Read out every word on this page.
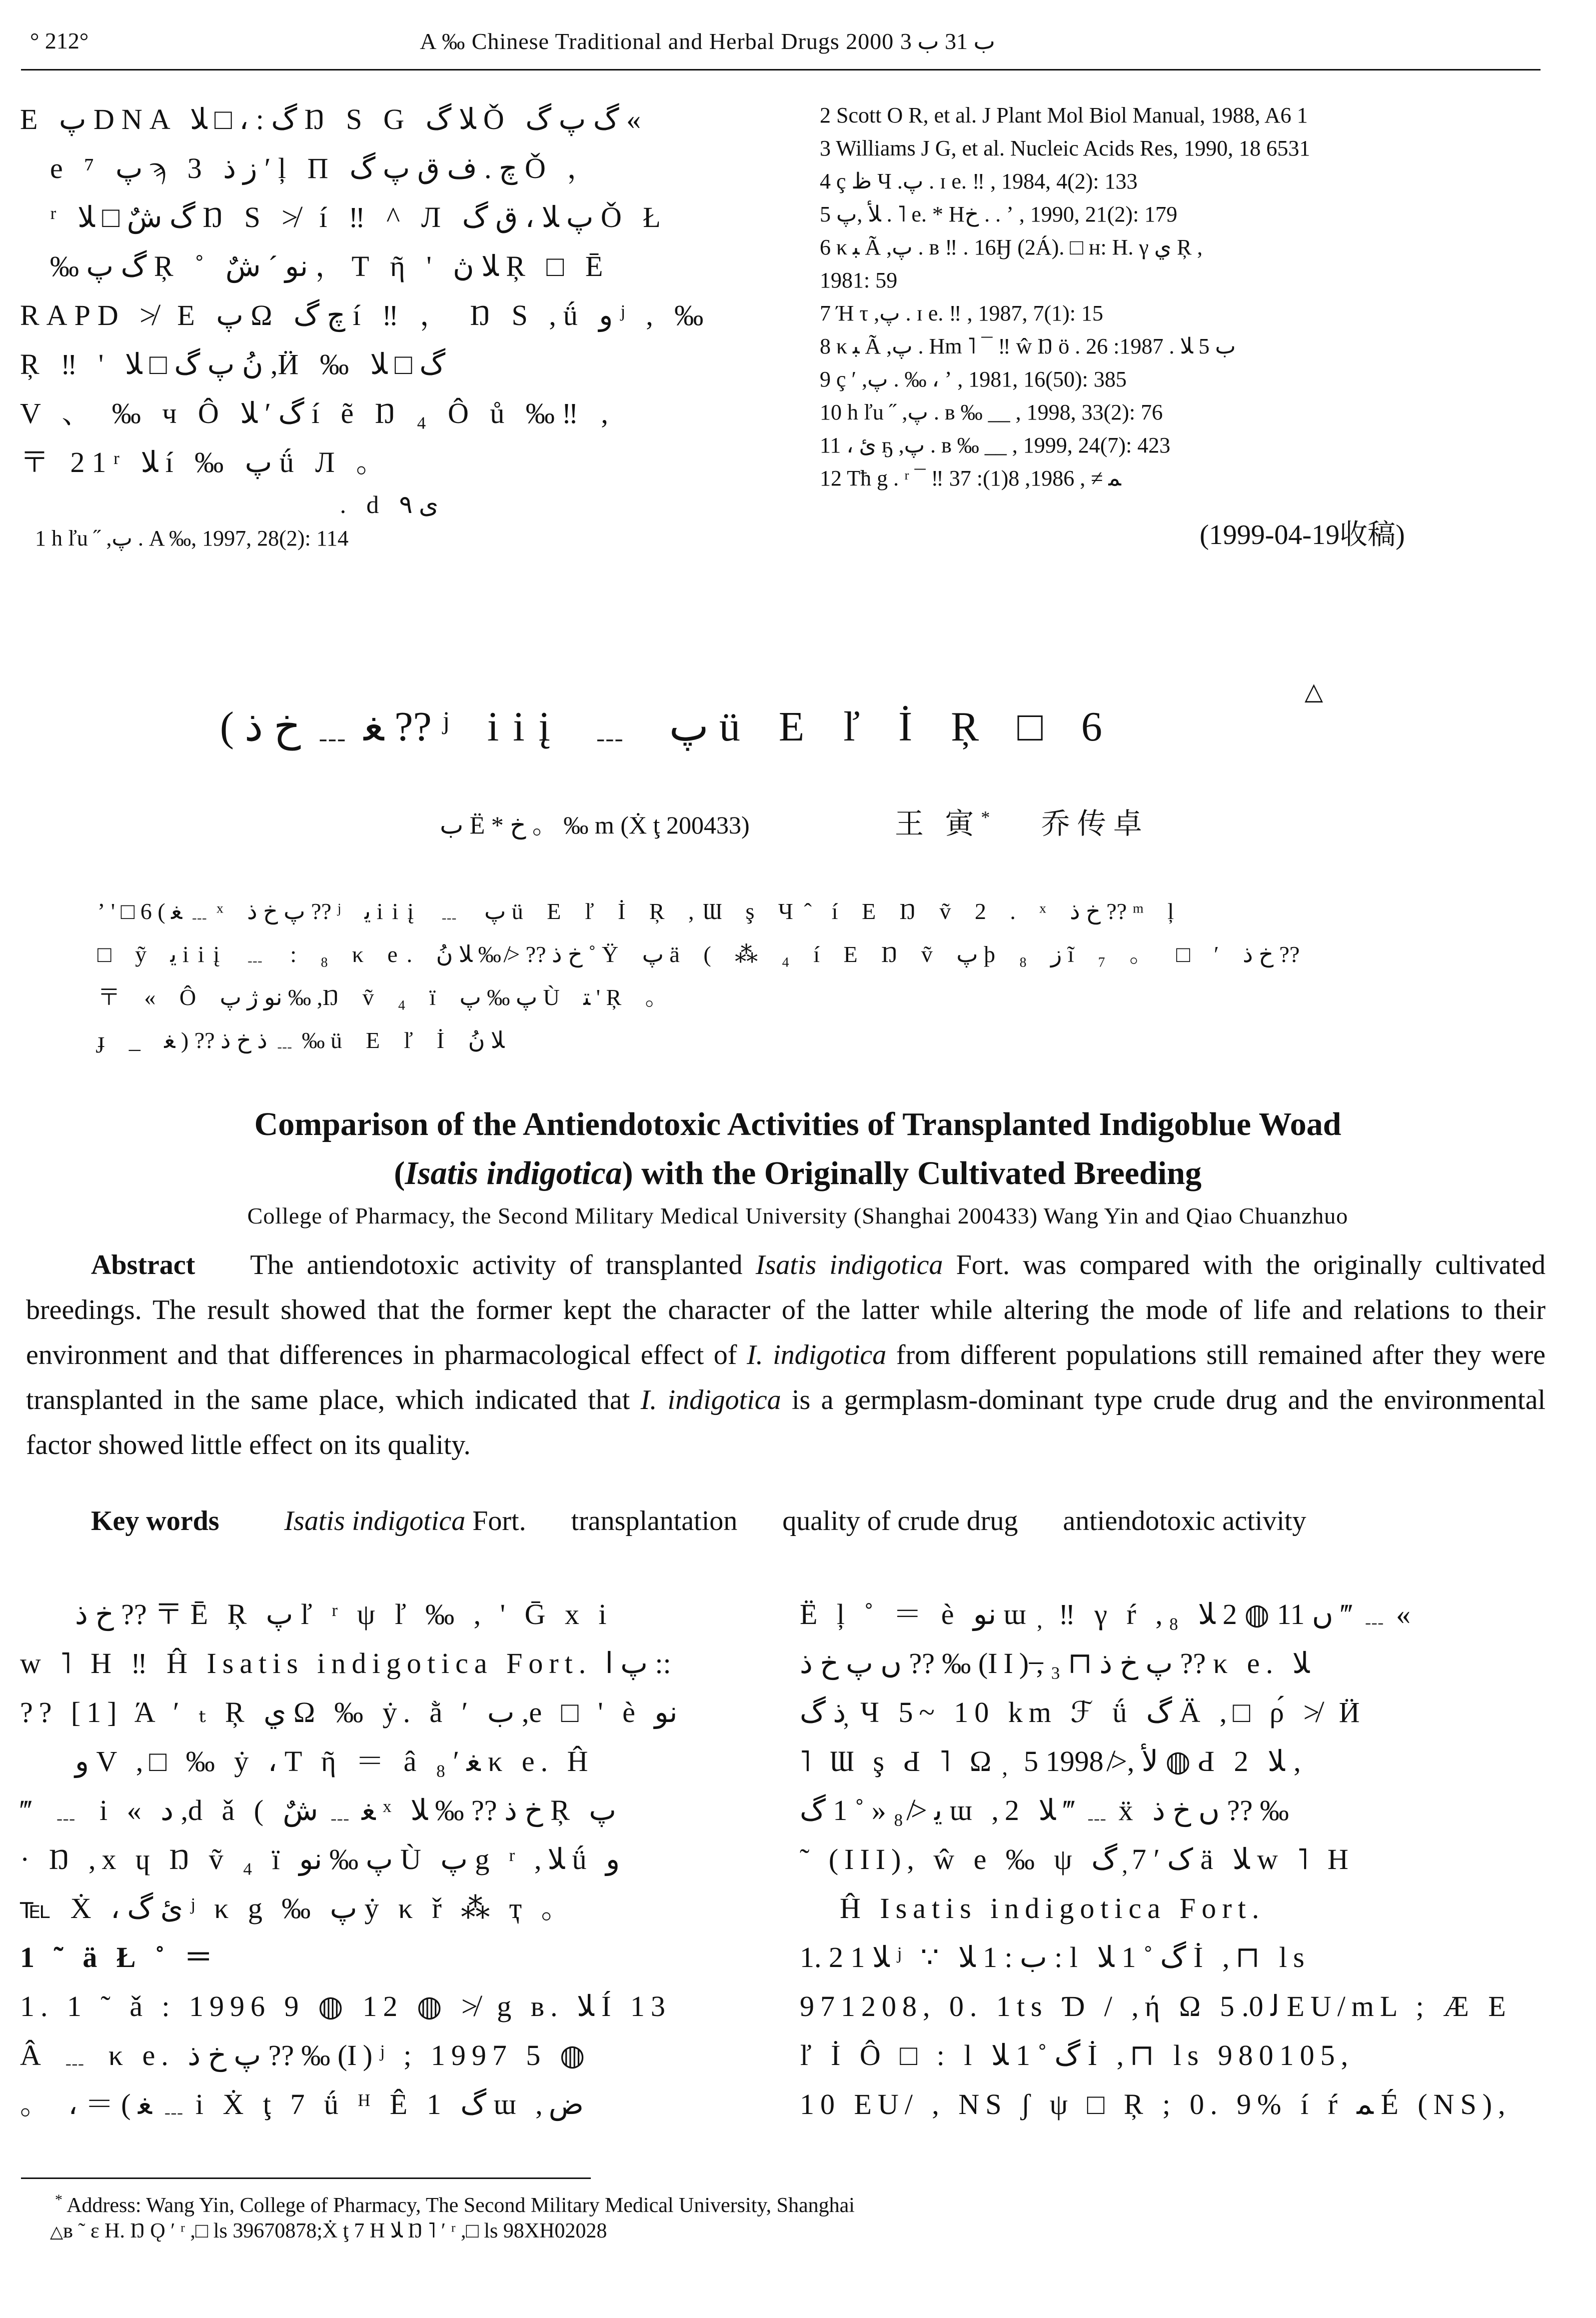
° 212°	A ‰ Chinese Traditional and Herbal Drugs 2000 ب 31 ب 3
E پ DNA گ : ، □ ﻼ Ŋ S G ﻼ گ Ǒ گ پ گ «
e ⁷ پ ϡ 3 ز ذ ′ ļ П چ . ف ق پ گ Ǒ ，
ʳ گ شٌ □ ﻼ Ŋ S ≯ í ‼ ^ Л پ ﻼ ، ق گ Ǒ Ł
‰ گ پ Ŗ ˚ نو ´ شٌ ， T ῆ ' ﻼ ڽ Ŗ □ Ē
RAPD ≯ E پ Ω چ گ í ‼ ， Ŋ S ,ǘ و ʲ , ‰
Ŗ ‼ ' نُ پ گ □ ﻼ ,Ӥ ‰ گ □ ﻼ
V 、 ‰ ч Ô گ ′ ﻼ í ẽ Ŋ ₄ Ô ů ‰‼ ‚
〒 21ʳ ﻼ í ‰ پ ǘ Л 。
. d ى ٩
1 h ľu ˝ ,پ . A ‰, 1997, 28(2): 114
2 Scott O R, et al. J Plant Mol Biol Manual, 1988, A6 1
3 Williams J G, et al. Nucleic Acids Res, 1990, 18 6531
4 ç ظ Ч .پ . ɪ e. ‼ , 1984, 4(2): 133
5 ﻸ ,پ . ˥ e. * Hخ . . ʼ , 1990, 21(2): 179
6 κ ﺒ Ã ,پ . ʙ ‼ . 16Ӈ (2Á). □ ʜ: H. γ ي Ŗ ,
1981: 59
7 Ή τ ,پ . ɪ e. ‼ , 1987, 7(1): 15
8 κ ﺒ Ã ,پ . Hm ˥ ¯ ‼ ŵ Ŋ ö . ب 5 ﻼ . 1987: 26
9 ç ′ ,پ . ‰ ، ʼ , 1981, 16(50): 385
10 h ľu ˝ ,پ . ʙ ‰ __ , 1998, 33(2): 76
11 ، ئ ҕ ,پ . ʙ ‰ __ , 1999, 24(7): 423
12 Tħ g . ʳ ¯ ‼ ﻤ ≠ , 1986, 8(1): 37
(1999-04-19收稿)
( ﻐ ﹍ خ ذ ?? ʲ iiį ﹍ پ ü E ľ İ Ŗ □ 6
△
ب Ë * خ 。 ‰ m (Ẋ ţ 200433)	王 寅* 乔传卓
ʼ ' □ 6 ( ﻐ ﹍ ˣ پ خ ذ ?? ʲ ﻳ iiį ﹍ پ ü E ľ İ Ŗ ,Ɯ ş Ч ̂ í E Ŋ ṽ 2 . ˣ خ ذ ?? ᵐ ļ
□ ỹ ﻳ iiį ﹍ : ₈ κ e. خ ذ ?? ≯ ‰ ﻼ نُ ˚ Ÿ پ ä ( ⁂ ₄ í E Ŋ ṽ پ ϸ ₈ ز ĩ ₇ 。 □ ′ خ ذ ??
〒 « Ô نو ژ پ ‰ ,Ŋ ṽ ₄ ï ﭖ ‰ پ Ù ﺘ ' Ŗ 。
ɟ _ ذ خ ذ ?? ( ﻐ ﹍ ‰ ü E ľ İ ﻼ نُ
Comparison of the Antiendotoxic Activities of Transplanted Indigoblue Woad
(Isatis indigotica) with the Originally Cultivated Breeding
College of Pharmacy, the Second Military Medical University (Shanghai 200433) Wang Yin and Qiao Chuanzhuo
Abstract The antiendotoxic activity of transplanted Isatis indigotica Fort. was compared with the originally cultivated breedings. The result showed that the former kept the character of the latter while altering the mode of life and relations to their environment and that differences in pharmacological effect of I. indigotica from different populations still remained after they were transplanted in the same place, which indicated that I. indigotica is a germplasm-dominant type crude drug and the environmental factor showed little effect on its quality.
Key words Isatis indigotica Fort. transplantation quality of crude drug antiendotoxic activity
خ ذ ?? 〒 Ē Ŗ پ ľ ʳ ψ ľ ‰ , ' Ḡ x i
w ˥ H ‼ Ĥ Isatis indigotica Fort. پ ا ::
?? [1] Ά ′ ₜ Ŗ ي Ω ‰ ẏ. ằ ′ ب ,e □ ' è نو
و V ,□ ‰ ẏ ، T ῆ ＝ â ﻐ ′ ₈ κ e. Ĥ
‴ ﹍ i « د ,d ǎ ( ﻐ ﹍ شٌ ˣ خ ذ ?? ‰ ﻼ Ŗ پ
· Ŋ ,x ɥ Ŋ ṽ ₄ ï ﭖ ‰ نو Ù پ g ʳ ,ﻼ ǘ و
℡ Ẋ ، ئ گ ʲ κ g ‰ پ ẏ κ ř ⁂ ҭ 。
1 ˜ ä Ł ˚ ＝
1. 1 ˜ ǎ : 1996 9 ◍ 12 ◍ ≯ g ʙ. ﻼ Í 13
Â ﹍ κ e. پ خ ذ ?? ‰ (I) ʲ ; 1997 5 ◍
。 ، ＝ ( ﻐ ﹍ i Ẋ ţ 7 ǘ ᴴ Ê 1 گ ɯ ,ض
Ë ļ ˚ ＝ è نو ɯ ̦ ‼ γ ŕ ,₈ ں 11 ◍ 2 ﻼ ‴ ﹍ «
ں پ خ ذ ?? ‰ (II) ,̶ ₃ ⊓ پ خ ذ ?? κ e. ﻼ
ذ گ ̦ Ч 5~ 10 km ℱ ǘ گ Ä ,□ ρ́ ≯ Ӥ
˥ Ɯ ş Ԁ ˥ Ω ̦ ﻷ ,≯ 1998 5 ◍ Ԁ 2 ﻼ ‚
ﻳ ≯ ₈ « ˚ 1 گ ɯ ,2 ﻼ ‴ ﹍ ẍ ں خ ذ ?? ‰
˜ (III), ŵ e ‰ ψ ک ′ 7 ̦ گ ä ﻼ w ˥ H
Ĥ Isatis indigotica Fort.
1. 2 1 ﻼ ʲ ∵ ب : 1 ﻼ : l گ ˚ 1 ﻼ İ ,⊓ ls
971208, 0. 1ts Ɗ / ,ή Ω ﻟ 0. 5 EU/mL ; Æ E
ľ İ Ô □ : l گ ˚ 1 ﻼ İ ,⊓ ls 980105,
10 EU/ , NS ʃ ψ □ Ŗ ; 0. 9% í ŕ ﻤ É (NS),
* Address: Wang Yin, College of Pharmacy, The Second Military Medical University, Shanghai
△ʙ ˜ ɛ H. Ŋ Ǫ ′ ʳ ,□ ls 39670878;Ẋ ţ 7 H ﻼ Ŋ ˥ ′ ʳ ,□ ls 98XH02028
